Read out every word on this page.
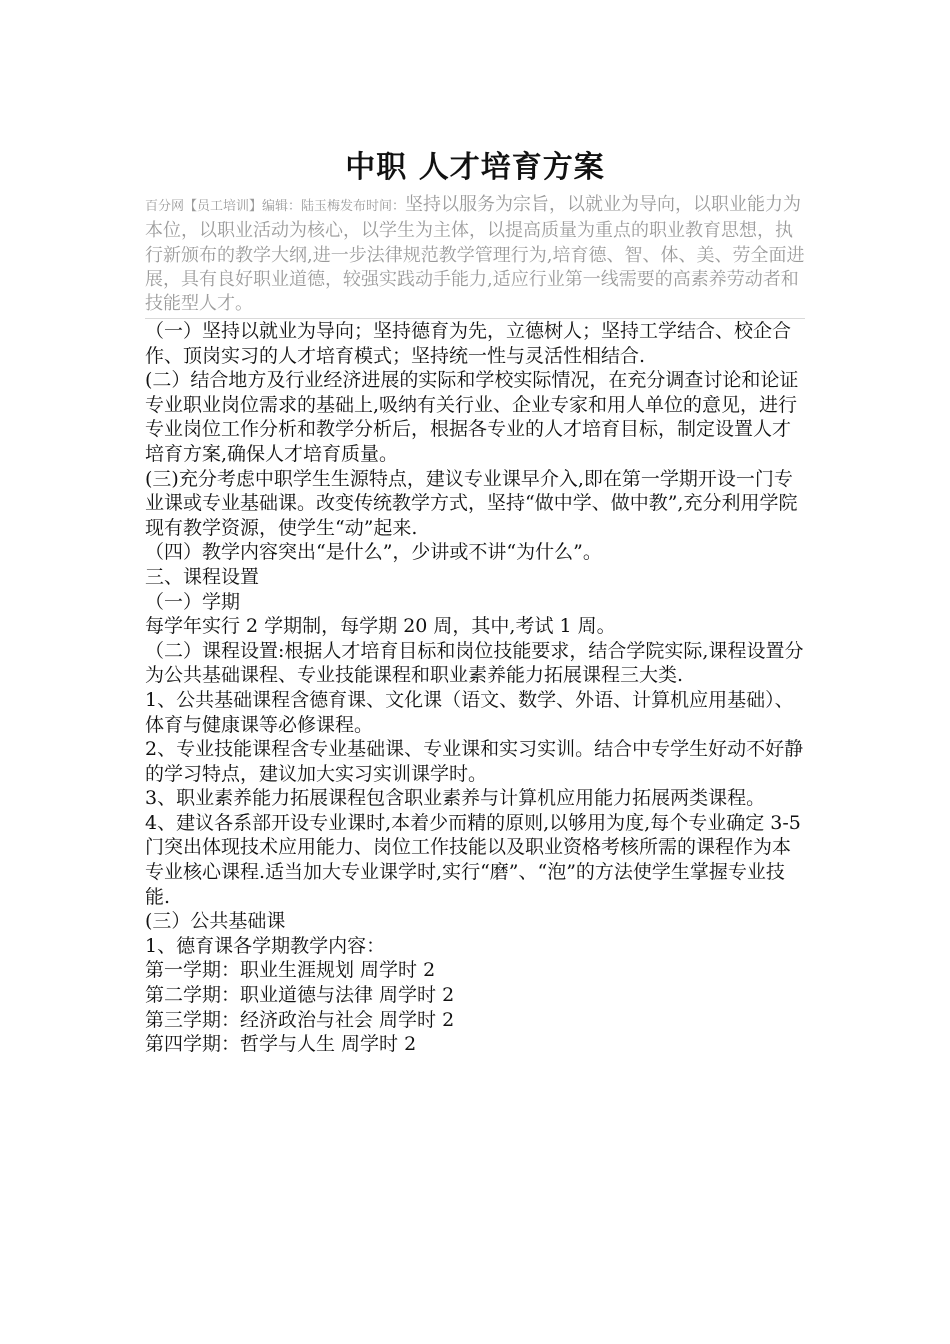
中职 人才培育方案

百分网【员工培训】编辑：陆玉梅发布时间：坚持以服务为宗旨，以就业为导向，以职业能力为本位，以职业活动为核心，以学生为主体，以提高质量为重点的职业教育思想，执行新颁布的教学大纲,进一步法律规范教学管理行为,培育德、智、体、美、劳全面进展，具有良好职业道德，较强实践动手能力,适应行业第一线需要的高素养劳动者和技能型人才。

（一）坚持以就业为导向；坚持德育为先，立德树人；坚持工学结合、校企合作、顶岗实习的人才培育模式；坚持统一性与灵活性相结合.

(二）结合地方及行业经济进展的实际和学校实际情况，在充分调查讨论和论证专业职业岗位需求的基础上,吸纳有关行业、企业专家和用人单位的意见，进行专业岗位工作分析和教学分析后，根据各专业的人才培育目标，制定设置人才培育方案,确保人才培育质量。

(三)充分考虑中职学生生源特点，建议专业课早介入,即在第一学期开设一门专业课或专业基础课。改变传统教学方式，坚持“做中学、做中教”,充分利用学院现有教学资源，使学生“动”起来.

（四）教学内容突出“是什么”，少讲或不讲“为什么”。

三、课程设置

（一）学期

每学年实行 2 学期制，每学期 20 周，其中,考试 1 周。

（二）课程设置:根据人才培育目标和岗位技能要求，结合学院实际,课程设置分为公共基础课程、专业技能课程和职业素养能力拓展课程三大类.

1、公共基础课程含德育课、文化课（语文、数学、外语、计算机应用基础）、

体育与健康课等必修课程。

2、专业技能课程含专业基础课、专业课和实习实训。结合中专学生好动不好静的学习特点，建议加大实习实训课学时。

3、职业素养能力拓展课程包含职业素养与计算机应用能力拓展两类课程。

4、建议各系部开设专业课时,本着少而精的原则,以够用为度,每个专业确定 3-5 门突出体现技术应用能力、岗位工作技能以及职业资格考核所需的课程作为本专业核心课程.适当加大专业课学时,实行“磨”、“泡”的方法使学生掌握专业技能.

(三）公共基础课

1、德育课各学期教学内容：

第一学期：职业生涯规划 周学时 2

第二学期：职业道德与法律 周学时 2

第三学期：经济政治与社会 周学时 2

第四学期：哲学与人生 周学时 2
